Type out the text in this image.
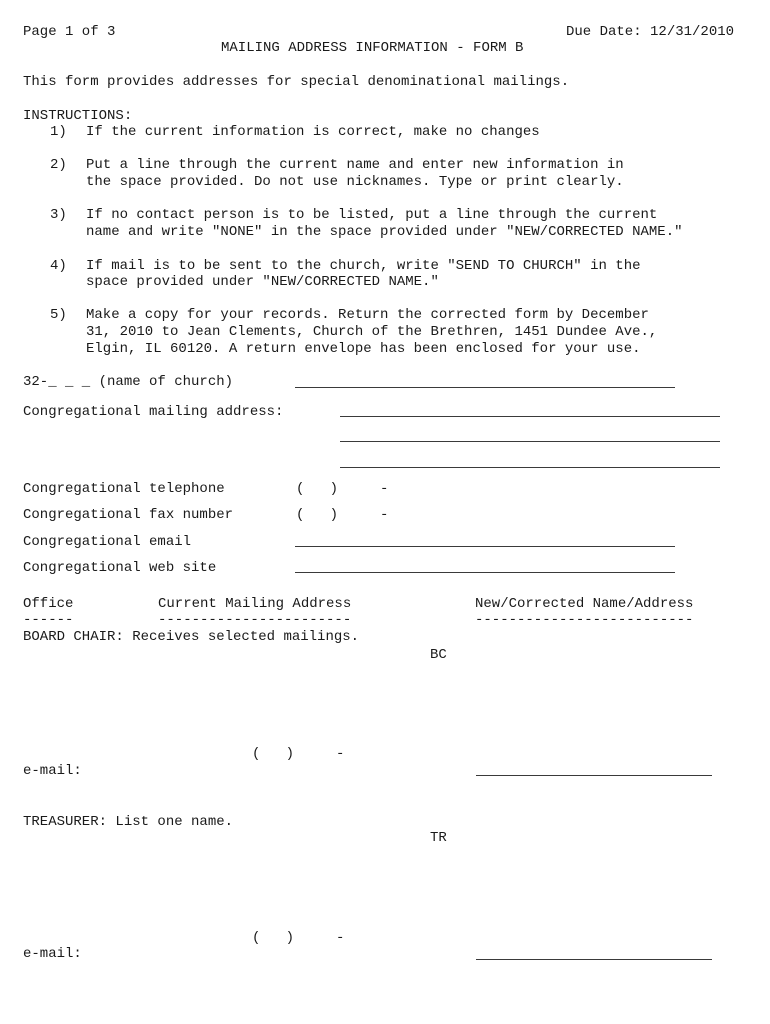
Page 1 of 3	Due Date: 12/31/2010
MAILING ADDRESS INFORMATION - FORM B
This form provides addresses for special denominational mailings.
INSTRUCTIONS:
1) If the current information is correct, make no changes
2) Put a line through the current name and enter new information in
the space provided. Do not use nicknames. Type or print clearly.
3) If no contact person is to be listed, put a line through the current
name and write "NONE" in the space provided under "NEW/CORRECTED NAME."
4) If mail is to be sent to the church, write "SEND TO CHURCH" in the
space provided under "NEW/CORRECTED NAME."
5) Make a copy for your records. Return the corrected form by December
31, 2010 to Jean Clements, Church of the Brethren, 1451 Dundee Ave.,
Elgin, IL 60120. A return envelope has been enclosed for your use.
32-_ _ _ (name of church)
Congregational mailing address:
Congregational telephone	(   )     -
Congregational fax number	(   )     -
Congregational email
Congregational web site
Office	Current Mailing Address	New/Corrected Name/Address
------	-----------------------	--------------------------
BOARD CHAIR: Receives selected mailings.
BC
(   )     -
e-mail:
TREASURER: List one name.
TR
(   )     -
e-mail:
